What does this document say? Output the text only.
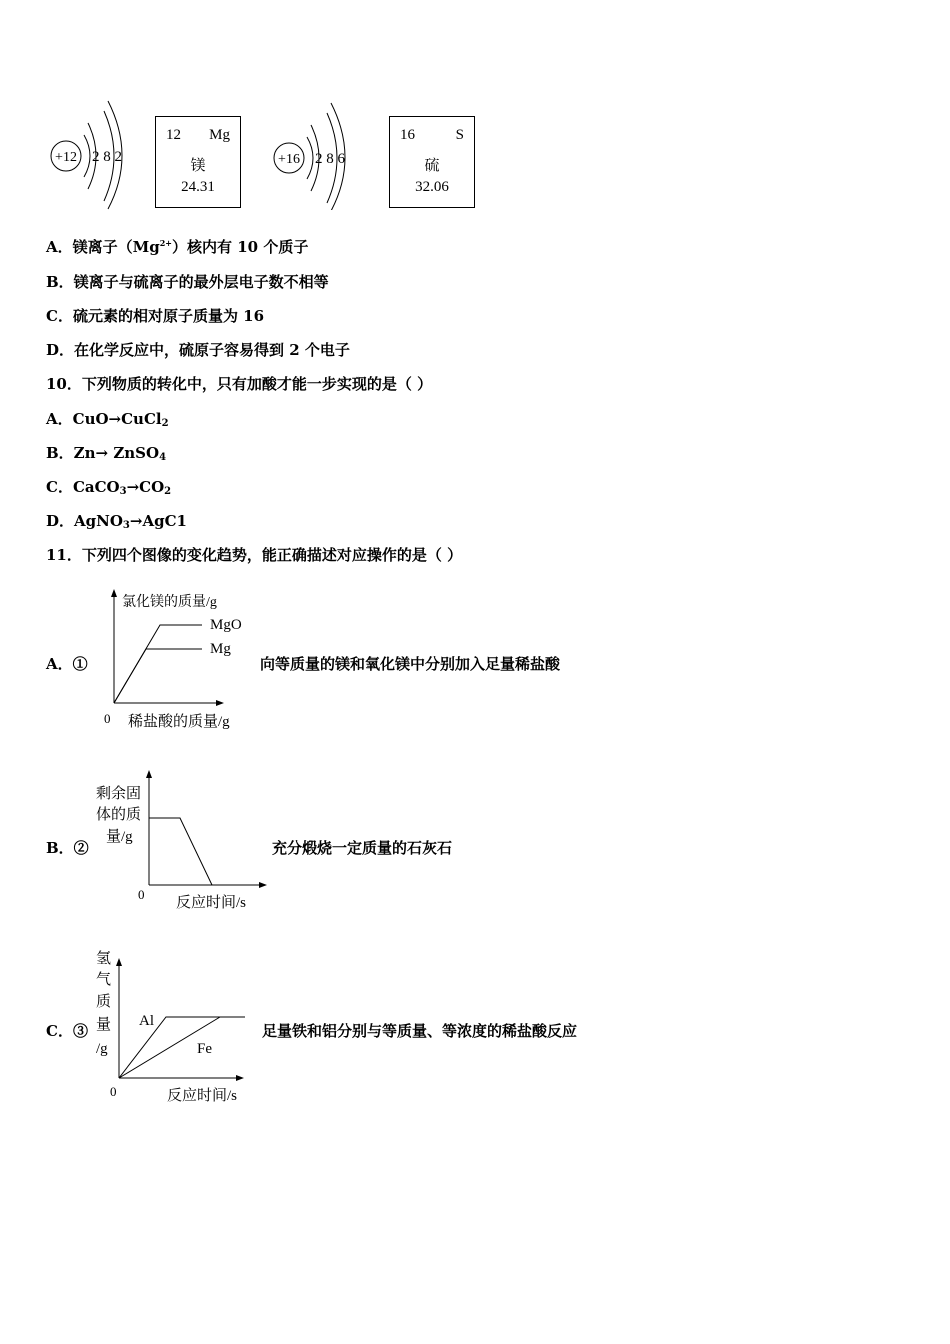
+12 2 8 2
12 Mg
镁
24.31
+16 2 8 6
16	S
硫
32.06
A．镁离子$(Mg^{2+})$核内有 10 个质子
B．镁离子与硫离子的最外层电子数不相等
C．硫元素的相对原子质量为 16
D．在化学反应中，硫原子容易得到 2 个电子
10．下列物质的转化中，只有加酸才能一步实现的是（ ）
A．CuO→CuCl$_2$
B．Zn→ ZnSO$_4$
C．$CaCO_3\to CO_2$
D．AgNO$_3$→AgC1
11．下列四个图像的变化趋势，能正确描述对应操作的是（ ）
A．①
氯化镁的质量/g
MgO
Mg
0 稀盐酸的质量/g
向等质量的镁和氧化镁中分别加入足量稀盐酸
B．②
剩余固
体的质
量/g
0
反应时间/s
充分煅烧一定质量的石灰石
C．③
氢
气
质
量
/g
Al
Fe
0	反应时间/s
足量铁和铝分别与等质量、等浓度的稀盐酸反应
